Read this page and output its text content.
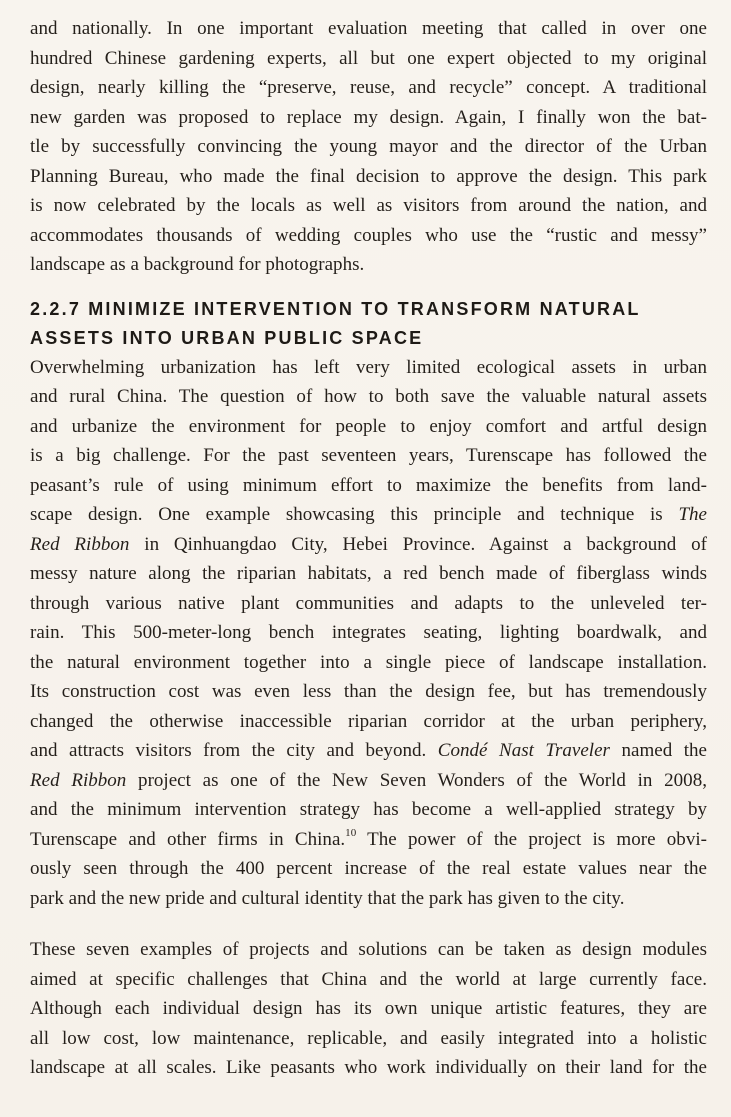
and nationally. In one important evaluation meeting that called in over one
hundred Chinese gardening experts, all but one expert objected to my original
design, nearly killing the “preserve, reuse, and recycle” concept. A traditional
new garden was proposed to replace my design. Again, I finally won the bat-
tle by successfully convincing the young mayor and the director of the Urban
Planning Bureau, who made the final decision to approve the design. This park
is now celebrated by the locals as well as visitors from around the nation, and
accommodates thousands of wedding couples who use the “rustic and messy”
landscape as a background for photographs.

2.2.7 MINIMIZE INTERVENTION TO TRANSFORM NATURAL
ASSETS INTO URBAN PUBLIC SPACE

Overwhelming urbanization has left very limited ecological assets in urban
and rural China. The question of how to both save the valuable natural assets
and urbanize the environment for people to enjoy comfort and artful design
is a big challenge. For the past seventeen years, Turenscape has followed the
peasant’s rule of using minimum effort to maximize the benefits from land-
scape design. One example showcasing this principle and technique is The
Red Ribbon in Qinhuangdao City, Hebei Province. Against a background of
messy nature along the riparian habitats, a red bench made of fiberglass winds
through various native plant communities and adapts to the unleveled ter-
rain. This 500-meter-long bench integrates seating, lighting boardwalk, and
the natural environment together into a single piece of landscape installation.
Its construction cost was even less than the design fee, but has tremendously
changed the otherwise inaccessible riparian corridor at the urban periphery,
and attracts visitors from the city and beyond. Condé Nast Traveler named the
Red Ribbon project as one of the New Seven Wonders of the World in 2008,
and the minimum intervention strategy has become a well-applied strategy by
Turenscape and other firms in China.$^{10}$ The power of the project is more obvi-
ously seen through the 400 percent increase of the real estate values near the
park and the new pride and cultural identity that the park has given to the city.

These seven examples of projects and solutions can be taken as design modules
aimed at specific challenges that China and the world at large currently face.
Although each individual design has its own unique artistic features, they are
all low cost, low maintenance, replicable, and easily integrated into a holistic
landscape at all scales. Like peasants who work individually on their land for the
